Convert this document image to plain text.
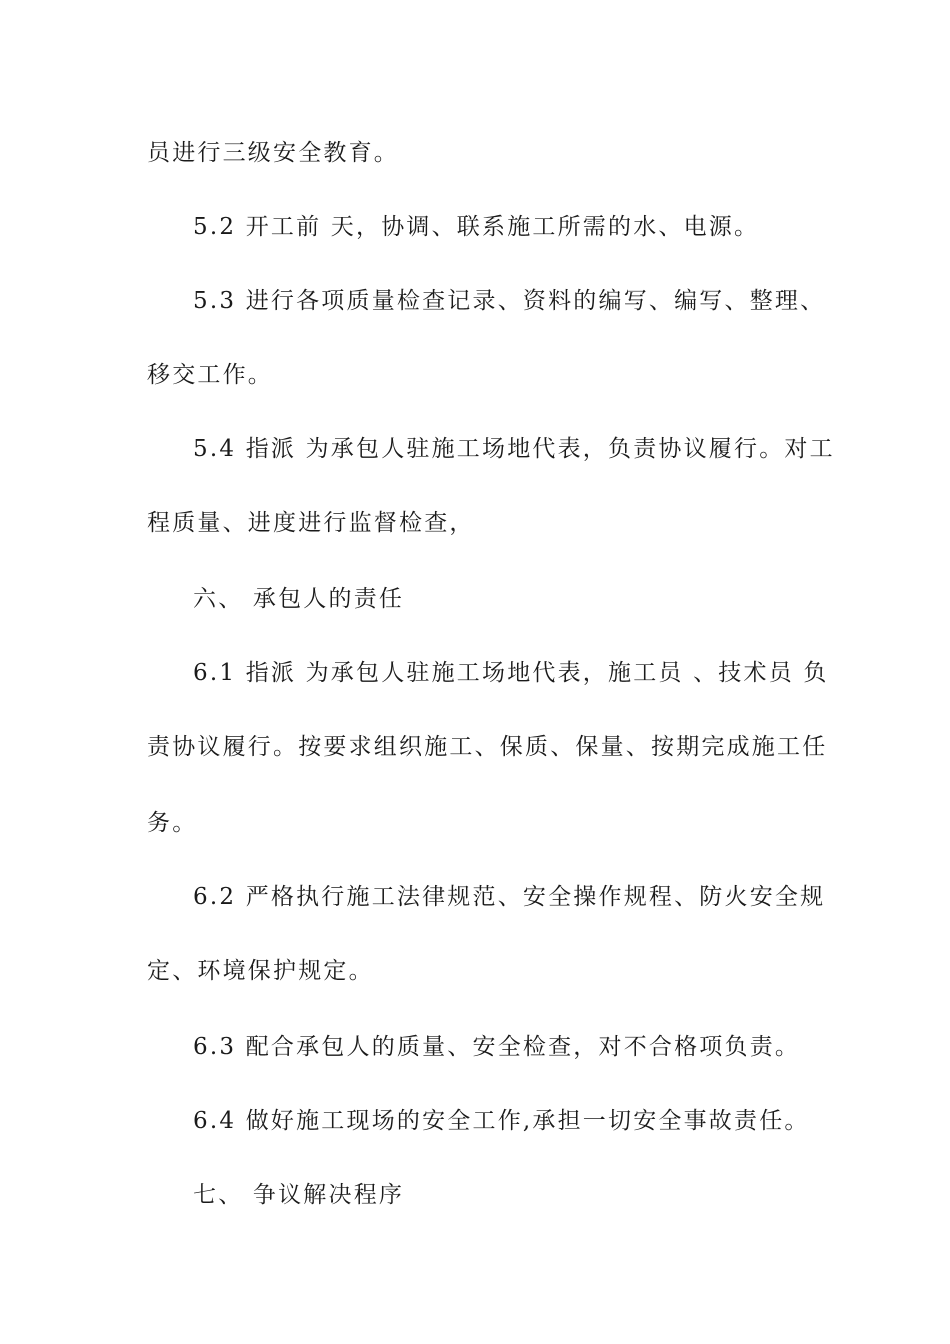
员进行三级安全教育。
5.2 开工前 天，协调、联系施工所需的水、电源。
5.3 进行各项质量检查记录、资料的编写、编写、整理、
移交工作。
5.4 指派 为承包人驻施工场地代表，负责协议履行。对工
程质量、进度进行监督检查，
六、 承包人的责任
6.1 指派 为承包人驻施工场地代表，施工员 、技术员 负
责协议履行。按要求组织施工、保质、保量、按期完成施工任
务。
6.2 严格执行施工法律规范、安全操作规程、防火安全规
定、环境保护规定。
6.3 配合承包人的质量、安全检查，对不合格项负责。
6.4 做好施工现场的安全工作,承担一切安全事故责任。
七、 争议解决程序
